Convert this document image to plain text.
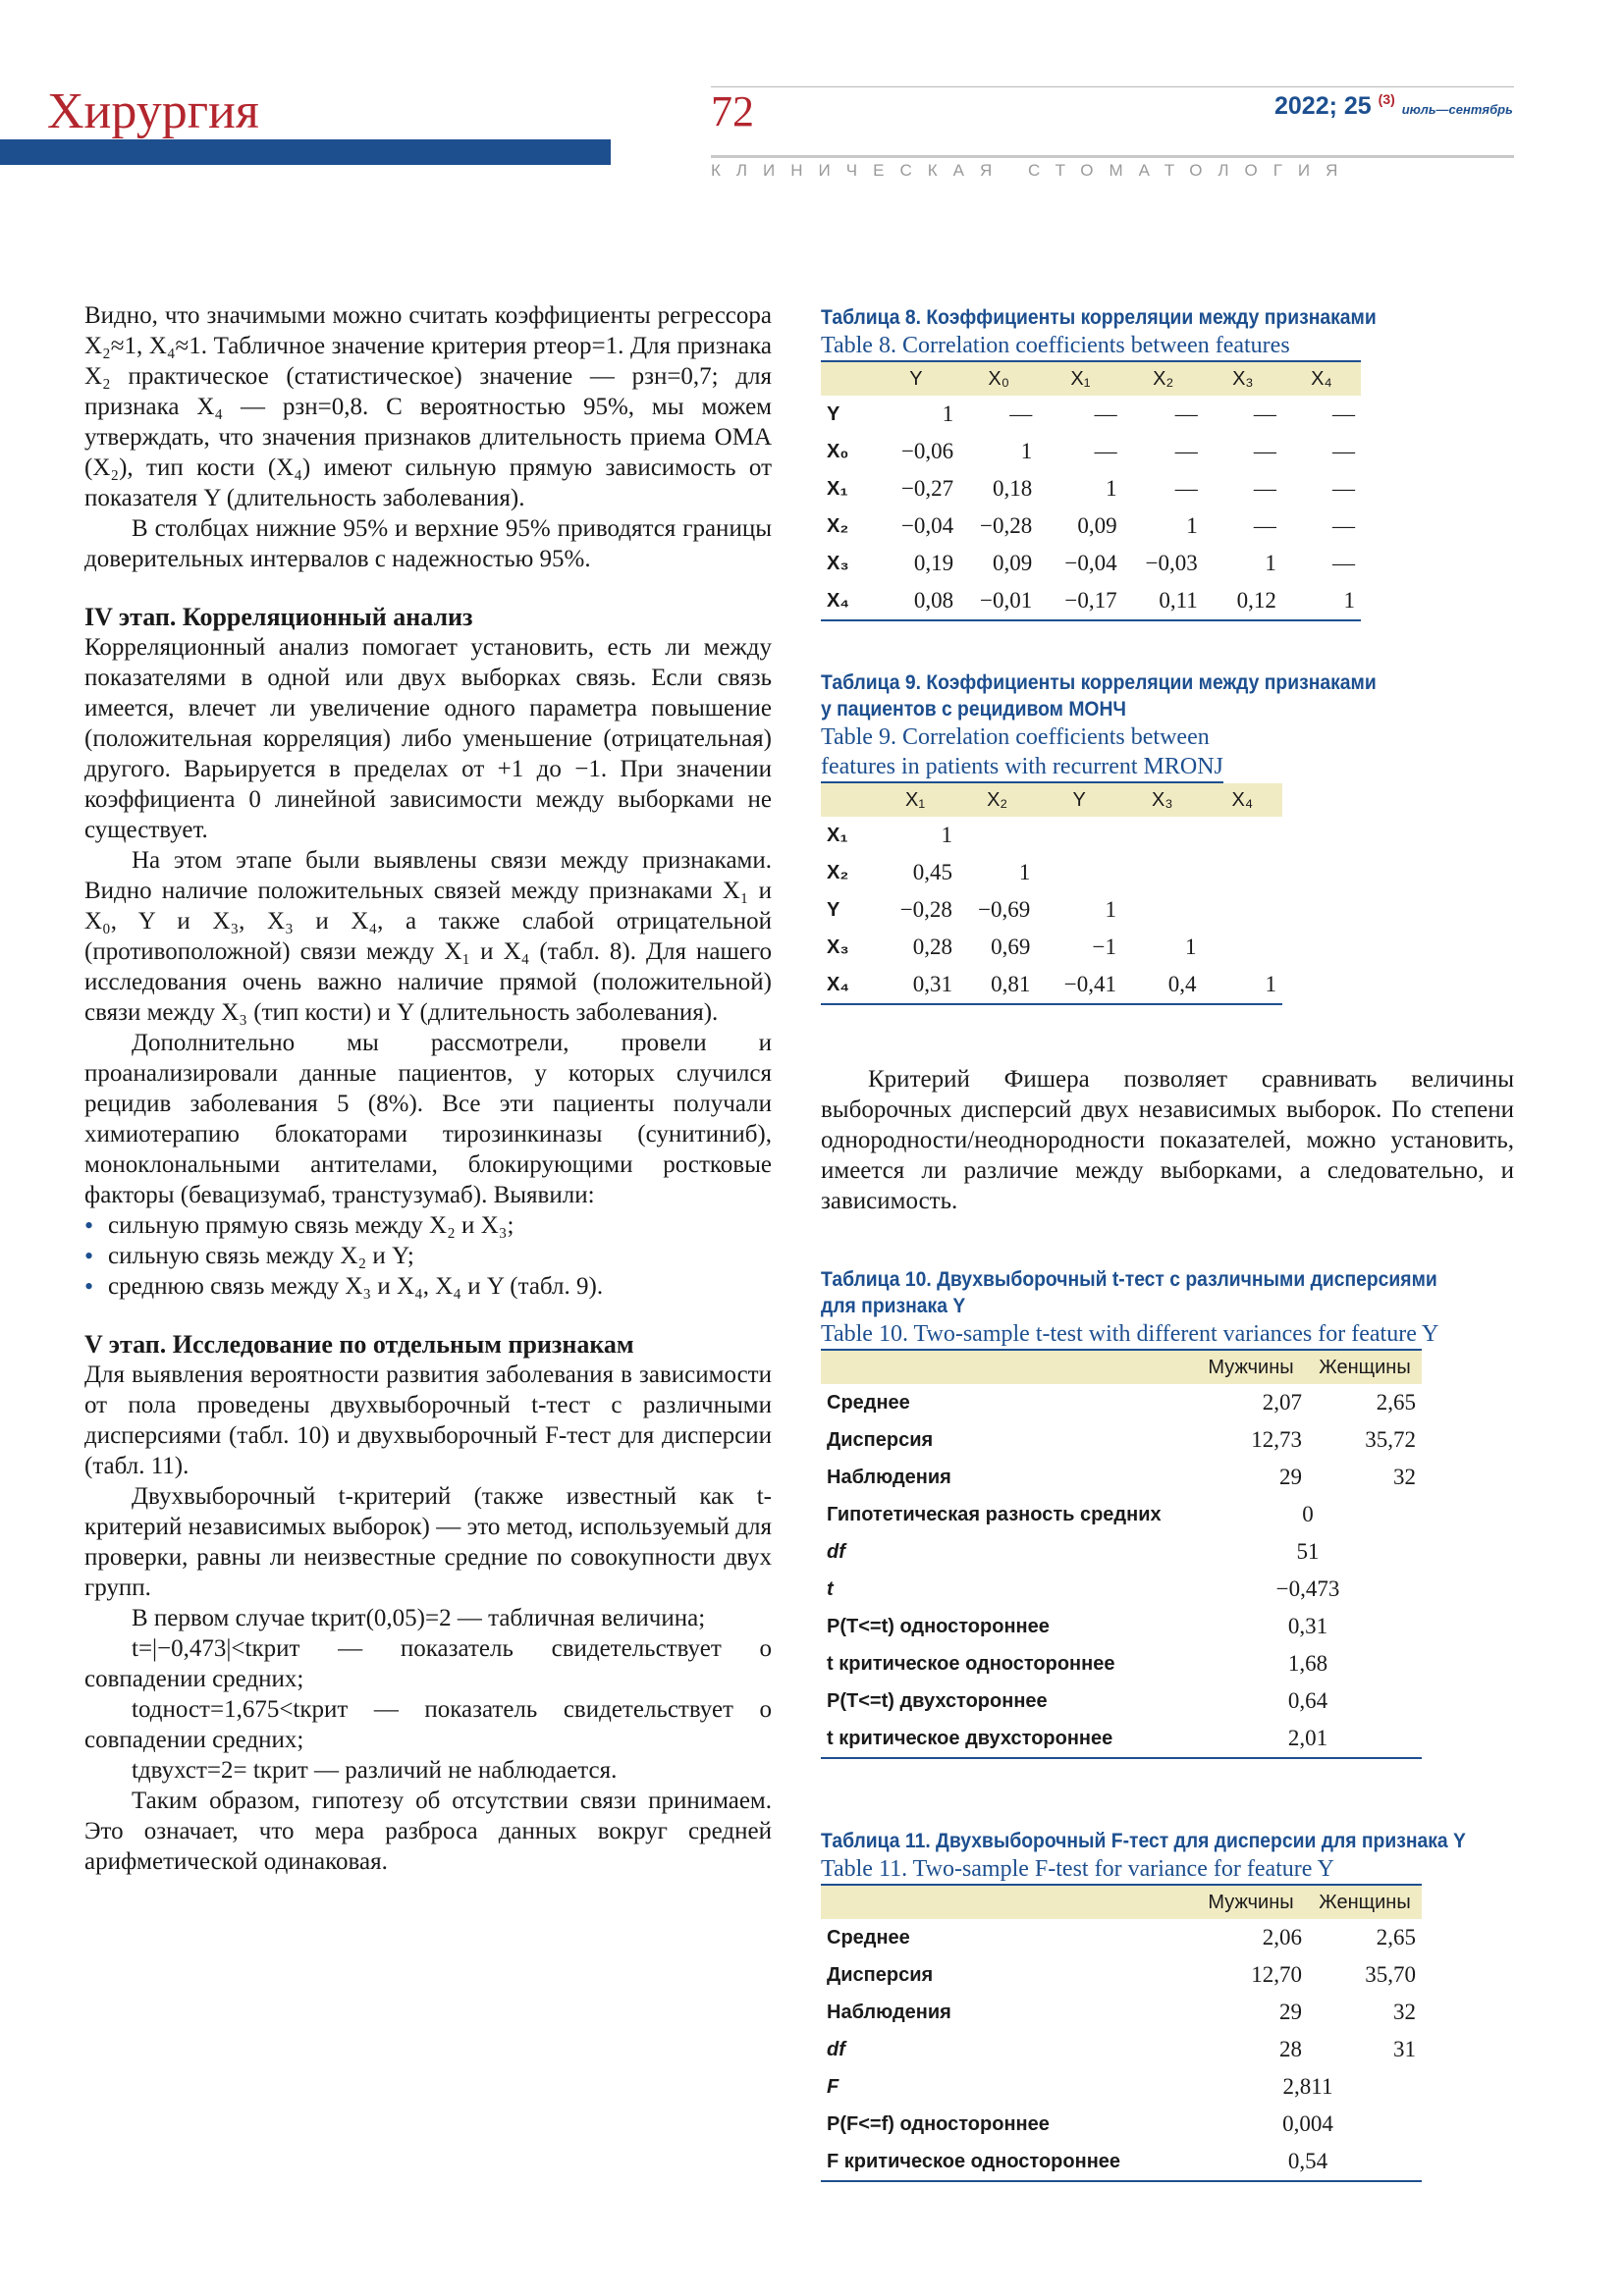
Хирургия	72	2022; 25 $^{(3)}$ июль—сентябрь
КЛИНИЧЕСКАЯ СТОМАТОЛОГИЯ

Видно, что значимыми можно считать коэффициенты регрессора X₂≈1, X₄≈1. Табличное значение критерия pтеор=1. Для признака X₂ практическое (статистическое) значение — pзн=0,7; для признака X₄ — pзн=0,8. С вероятностью 95%, мы можем утверждать, что значения признаков длительность приема ОМА (X₂), тип кости (X₄) имеют сильную прямую зависимость от показателя Y (длительность заболевания).

В столбцах нижние 95% и верхние 95% приводятся границы доверительных интервалов с надежностью 95%.

IV этап. Корреляционный анализ

Корреляционный анализ помогает установить, есть ли между показателями в одной или двух выборках связь. Если связь имеется, влечет ли увеличение одного параметра повышение (положительная корреляция) либо уменьшение (отрицательная) другого. Варьируется в пределах от +1 до −1. При значении коэффициента 0 линейной зависимости между выборками не существует.

На этом этапе были выявлены связи между признаками. Видно наличие положительных связей между признаками X₁ и X₀, Y и X₃, X₃ и X₄, а также слабой отрицательной (противоположной) связи между X₁ и X₄ (табл. 8). Для нашего исследования очень важно наличие прямой (положительной) связи между X₃ (тип кости) и Y (длительность заболевания).

Дополнительно мы рассмотрели, провели и проанализировали данные пациентов, у которых случился рецидив заболевания 5 (8%). Все эти пациенты получали химиотерапию блокаторами тирозинкиназы (сунитиниб), моноклональными антителами, блокирующими ростковые факторы (бевацизумаб, транстузумаб). Выявили:

• сильную прямую связь между X₂ и X₃;
• сильную связь между X₂ и Y;
• среднюю связь между X₃ и X₄, X₄ и Y (табл. 9).
V этап. Исследование по отдельным признакам

Для выявления вероятности развития заболевания в зависимости от пола проведены двухвыборочный t-тест с различными дисперсиями (табл. 10) и двухвыборочный F-тест для дисперсии (табл. 11).

Двухвыборочный t-критерий (также известный как t-критерий независимых выборок) — это метод, используемый для проверки, равны ли неизвестные средние по совокупности двух групп.

В первом случае tкрит(0,05)=2 — табличная величина;

t=|−0,473|<tкрит — показатель свидетельствует о совпадении средних;

tодност=1,675<tкрит — показатель свидетельствует о совпадении средних;

tдвухст=2= tкрит — различий не наблюдается.

Таким образом, гипотезу об отсутствии связи принимаем. Это означает, что мера разброса данных вокруг средней арифметической одинаковая.

Таблица 8. Коэффициенты корреляции между признаками
Table 8. Correlation coefficients between features
	Y	X₀	X₁	X₂	X₃	X₄
Y	1	—	—	—	—	—
X₀	−0,06	1	—	—	—	—
X₁	−0,27	0,18	1	—	—	—
X₂	−0,04	−0,28	0,09	1	—	—
X₃	0,19	0,09	−0,04	−0,03	1	—
X₄	0,08	−0,01	−0,17	0,11	0,12	1
Таблица 9. Коэффициенты корреляции между признаками
у пациентов с рецидивом МОНЧ
Table 9. Correlation coefficients between
features in patients with recurrent MRONJ
	X₁	X₂	Y	X₃	X₄
X₁	1				
X₂	0,45	1			
Y	−0,28	−0,69	1		
X₃	0,28	0,69	−1	1	
X₄	0,31	0,81	−0,41	0,4	1

Критерий Фишера позволяет сравнивать величины выборочных дисперсий двух независимых выборок. По степени однородности/неоднородности показателей, можно установить, имеется ли различие между выборками, а следовательно, и зависимость.

Таблица 10. Двухвыборочный t-тест с различными дисперсиями
для признака Y
Table 10. Two-sample t-test with different variances for feature Y
	Мужчины	Женщины
Среднее	2,07	2,65
Дисперсия	12,73	35,72
Наблюдения	29	32
Гипотетическая разность средних	0	
df	51	
t	−0,473	
P(T<=t) одностороннее	0,31	
t критическое одностороннее	1,68	
P(T<=t) двухстороннее	0,64	
t критическое двухстороннее	2,01	
Таблица 11. Двухвыборочный F-тест для дисперсии для признака Y
Table 11. Two-sample F-test for variance for feature Y
	Мужчины	Женщины
Среднее	2,06	2,65
Дисперсия	12,70	35,70
Наблюдения	29	32
df	28	31
F	2,811	
P(F<=f) одностороннее	0,004	
F критическое одностороннее	0,54	
